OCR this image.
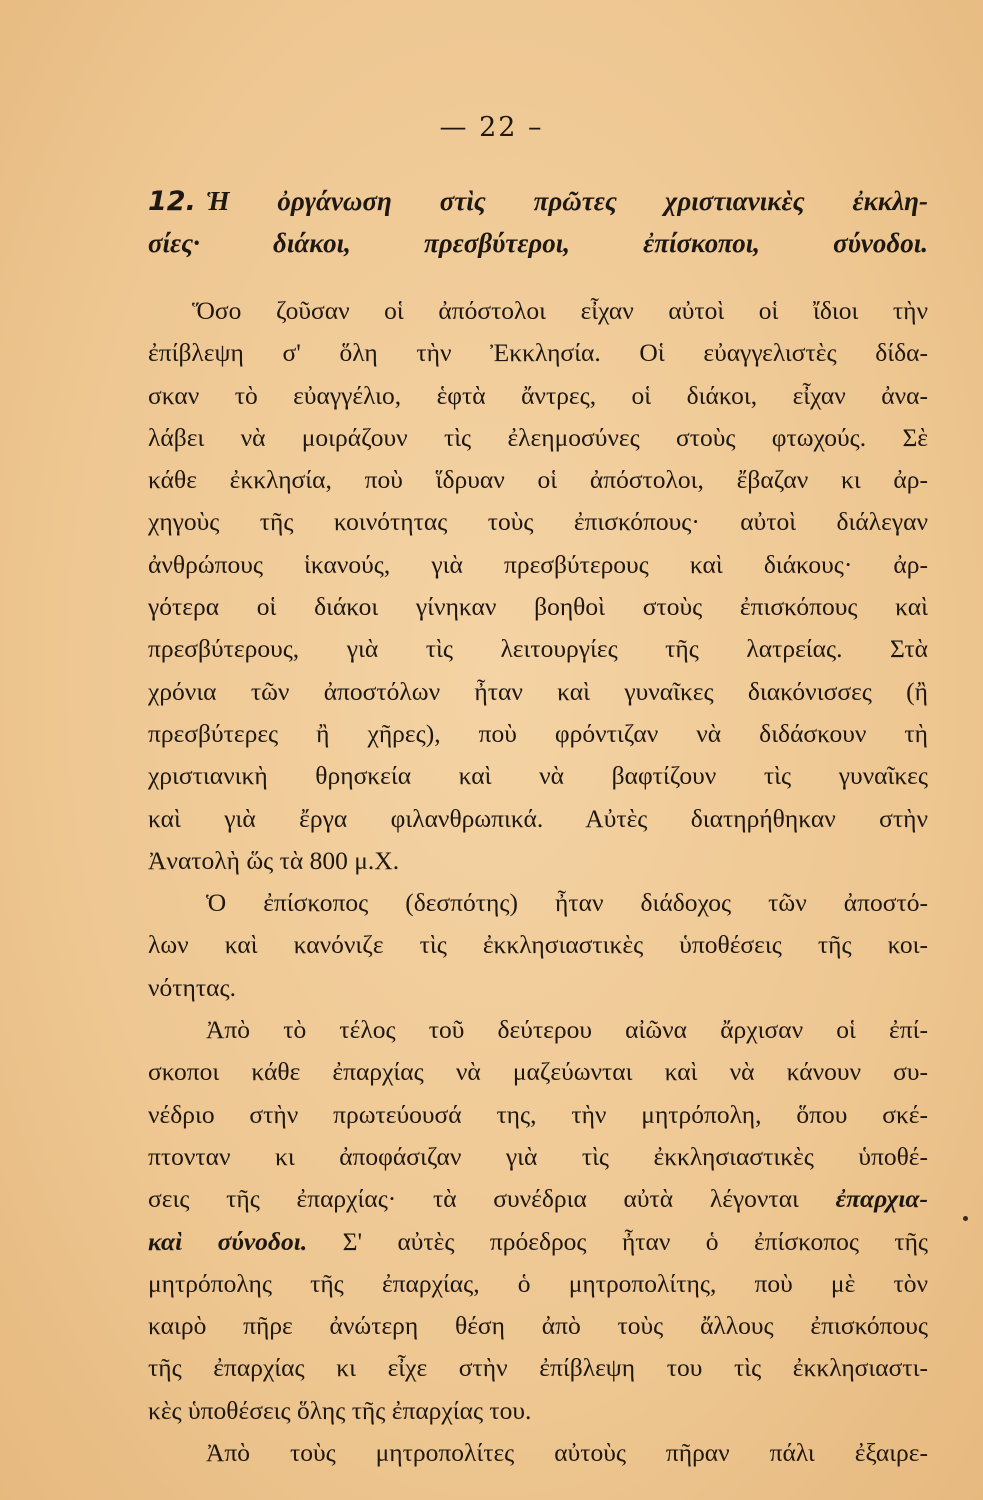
— 22 –
12. Ἡ ὀργάνωση στὶς πρῶτες χριστιανικὲς ἐκκλη-
σίες· διάκοι, πρεσβύτεροι, ἐπίσκοποι, σύνοδοι.
Ὅσο ζοῦσαν οἱ ἀπόστολοι εἶχαν αὐτοὶ οἱ ἴδιοι τὴν
ἐπίβλεψη σ' ὅλη τὴν Ἐκκλησία. Οἱ εὐαγγελιστὲς δίδα-
σκαν τὸ εὐαγγέλιο, ἑφτὰ ἄντρες, οἱ διάκοι, εἶχαν ἀνα-
λάβει νὰ μοιράζουν τὶς ἐλεημοσύνες στοὺς φτωχούς. Σὲ
κάθε ἐκκλησία, ποὺ ἵδρυαν οἱ ἀπόστολοι, ἔβαζαν κι ἀρ-
χηγοὺς τῆς κοινότητας τοὺς ἐπισκόπους· αὐτοὶ διάλεγαν
ἀνθρώπους ἱκανούς, γιὰ πρεσβύτερους καὶ διάκους· ἀρ-
γότερα οἱ διάκοι γίνηκαν βοηθοὶ στοὺς ἐπισκόπους καὶ
πρεσβύτερους, γιὰ τὶς λειτουργίες τῆς λατρείας. Στὰ
χρόνια τῶν ἀποστόλων ἦταν καὶ γυναῖκες διακόνισσες (ἢ
πρεσβύτερες ἢ χῆρες), ποὺ φρόντιζαν νὰ διδάσκουν τὴ
χριστιανικὴ θρησκεία καὶ νὰ βαφτίζουν τὶς γυναῖκες
καὶ γιὰ ἔργα φιλανθρωπικά. Αὐτὲς διατηρήθηκαν στὴν
Ἀνατολὴ ὥς τὰ 800 μ.Χ.
Ὁ ἐπίσκοπος (δεσπότης) ἦταν διάδοχος τῶν ἀποστό-
λων καὶ κανόνιζε τὶς ἐκκλησιαστικὲς ὑποθέσεις τῆς κοι-
νότητας.
Ἀπὸ τὸ τέλος τοῦ δεύτερου αἰῶνα ἄρχισαν οἱ ἐπί-
σκοποι κάθε ἐπαρχίας νὰ μαζεύωνται καὶ νὰ κάνουν συ-
νέδριο στὴν πρωτεύουσά της, τὴν μητρόπολη, ὅπου σκέ-
πτονταν κι ἀποφάσιζαν γιὰ τὶς ἐκκλησιαστικὲς ὑποθέ-
σεις τῆς ἐπαρχίας· τὰ συνέδρια αὐτὰ λέγονται ἐπαρχια-
καὶ σύνοδοι. Σ' αὐτὲς πρόεδρος ἦταν ὁ ἐπίσκοπος τῆς
μητρόπολης τῆς ἐπαρχίας, ὁ μητροπολίτης, ποὺ μὲ τὸν
καιρὸ πῆρε ἀνώτερη θέση ἀπὸ τοὺς ἄλλους ἐπισκόπους
τῆς ἐπαρχίας κι εἶχε στὴν ἐπίβλεψη του τὶς ἐκκλησιαστι-
κὲς ὑποθέσεις ὅλης τῆς ἐπαρχίας του.
Ἀπὸ τοὺς μητροπολίτες αὐτοὺς πῆραν πάλι ἐξαιρε-
